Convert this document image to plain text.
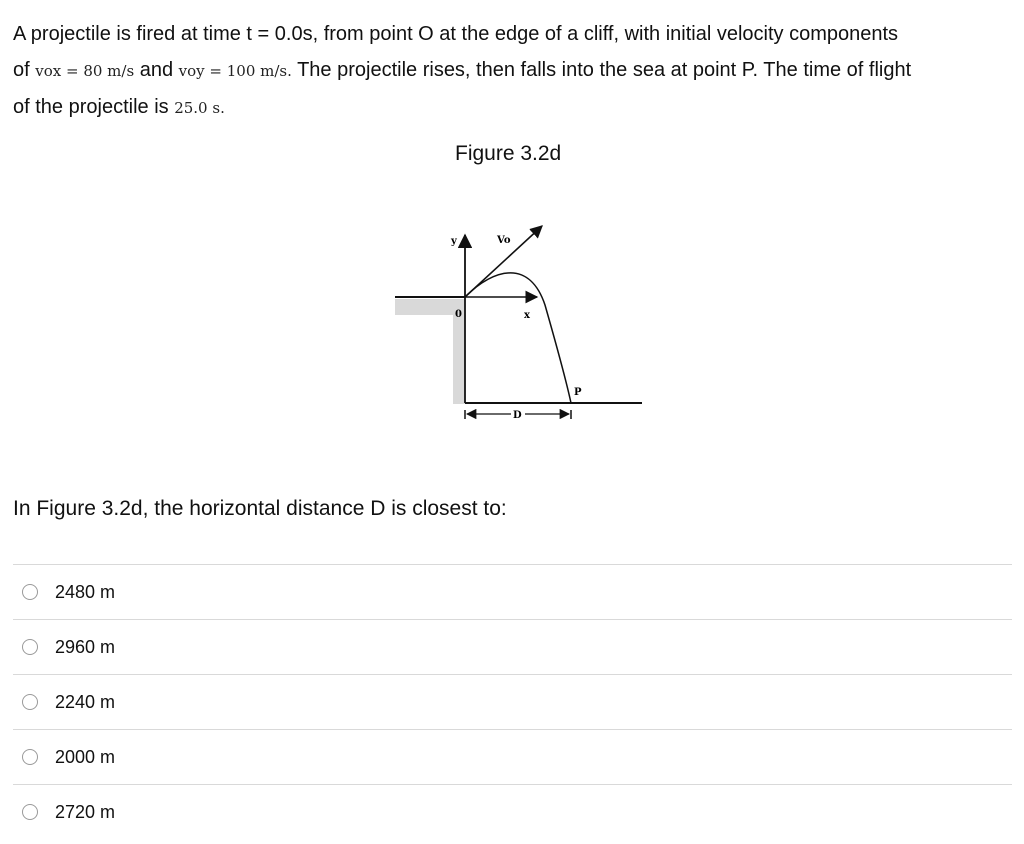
A projectile is fired at time t = 0.0s, from point O at the edge of a cliff, with initial velocity components
of vox = 80 m/s and voy = 100 m/s. The projectile rises, then falls into the sea at point P. The time of flight
of the projectile is 25.0 s.
Figure 3.2d
y	Vo
0	x
P
D
In Figure 3.2d, the horizontal distance D is closest to:
2480 m
2960 m
2240 m
2000 m
2720 m
